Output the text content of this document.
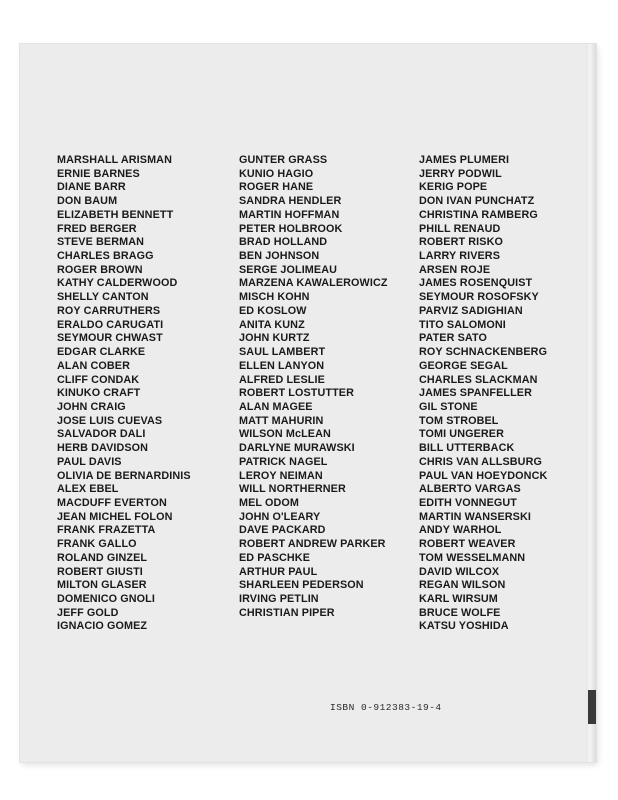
MARSHALL ARISMAN
ERNIE BARNES
DIANE BARR
DON BAUM
ELIZABETH BENNETT
FRED BERGER
STEVE BERMAN
CHARLES BRAGG
ROGER BROWN
KATHY CALDERWOOD
SHELLY CANTON
ROY CARRUTHERS
ERALDO CARUGATI
SEYMOUR CHWAST
EDGAR CLARKE
ALAN COBER
CLIFF CONDAK
KINUKO CRAFT
JOHN CRAIG
JOSE LUIS CUEVAS
SALVADOR DALI
HERB DAVIDSON
PAUL DAVIS
OLIVIA DE BERNARDINIS
ALEX EBEL
MACDUFF EVERTON
JEAN MICHEL FOLON
FRANK FRAZETTA
FRANK GALLO
ROLAND GINZEL
ROBERT GIUSTI
MILTON GLASER
DOMENICO GNOLI
JEFF GOLD
IGNACIO GOMEZ
GUNTER GRASS
KUNIO HAGIO
ROGER HANE
SANDRA HENDLER
MARTIN HOFFMAN
PETER HOLBROOK
BRAD HOLLAND
BEN JOHNSON
SERGE JOLIMEAU
MARZENA KAWALEROWICZ
MISCH KOHN
ED KOSLOW
ANITA KUNZ
JOHN KURTZ
SAUL LAMBERT
ELLEN LANYON
ALFRED LESLIE
ROBERT LOSTUTTER
ALAN MAGEE
MATT MAHURIN
WILSON McLEAN
DARLYNE MURAWSKI
PATRICK NAGEL
LEROY NEIMAN
WILL NORTHERNER
MEL ODOM
JOHN O'LEARY
DAVE PACKARD
ROBERT ANDREW PARKER
ED PASCHKE
ARTHUR PAUL
SHARLEEN PEDERSON
IRVING PETLIN
CHRISTIAN PIPER
JAMES PLUMERI
JERRY PODWIL
KERIG POPE
DON IVAN PUNCHATZ
CHRISTINA RAMBERG
PHILL RENAUD
ROBERT RISKO
LARRY RIVERS
ARSEN ROJE
JAMES ROSENQUIST
SEYMOUR ROSOFSKY
PARVIZ SADIGHIAN
TITO SALOMONI
PATER SATO
ROY SCHNACKENBERG
GEORGE SEGAL
CHARLES SLACKMAN
JAMES SPANFELLER
GIL STONE
TOM STROBEL
TOMI UNGERER
BILL UTTERBACK
CHRIS VAN ALLSBURG
PAUL VAN HOEYDONCK
ALBERTO VARGAS
EDITH VONNEGUT
MARTIN WANSERSKI
ANDY WARHOL
ROBERT WEAVER
TOM WESSELMANN
DAVID WILCOX
REGAN WILSON
KARL WIRSUM
BRUCE WOLFE
KATSU YOSHIDA
ISBN 0-912383-19-4
